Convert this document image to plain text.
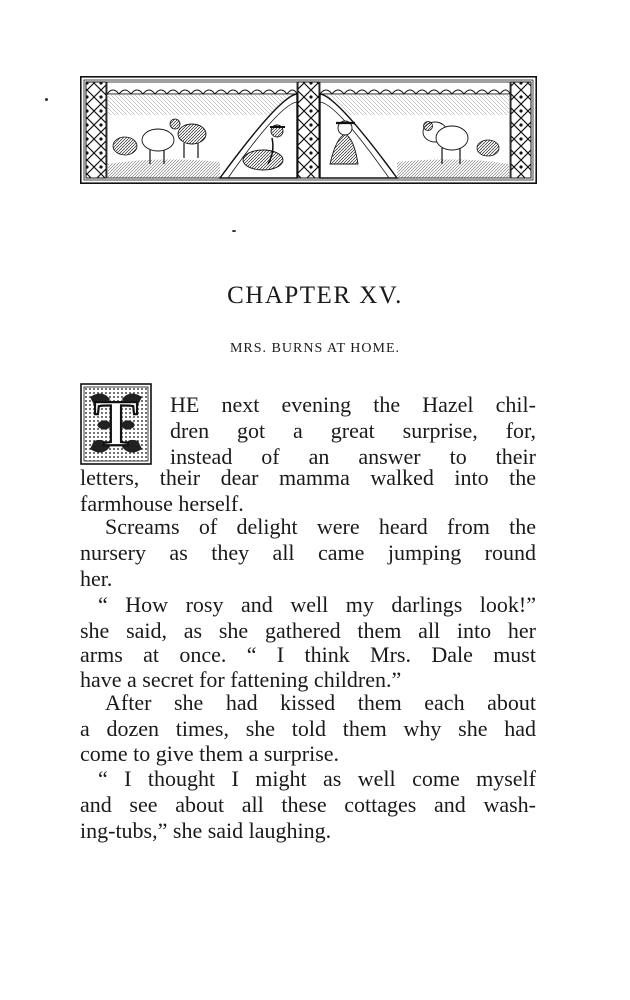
CHAPTER XV.
MRS. BURNS AT HOME.
T HE next evening the Hazel chil-
dren got a great surprise, for,
instead of an answer to their
letters, their dear mamma walked into the
farmhouse herself.
Screams of delight were heard from the
nursery as they all came jumping round
her.
“ How rosy and well my darlings look!”
she said, as she gathered them all into her
arms at once. “ I think Mrs. Dale must
have a secret for fattening children.”
After she had kissed them each about
a dozen times, she told them why she had
come to give them a surprise.
“ I thought I might as well come myself
and see about all these cottages and wash-
ing-tubs,” she said laughing.
